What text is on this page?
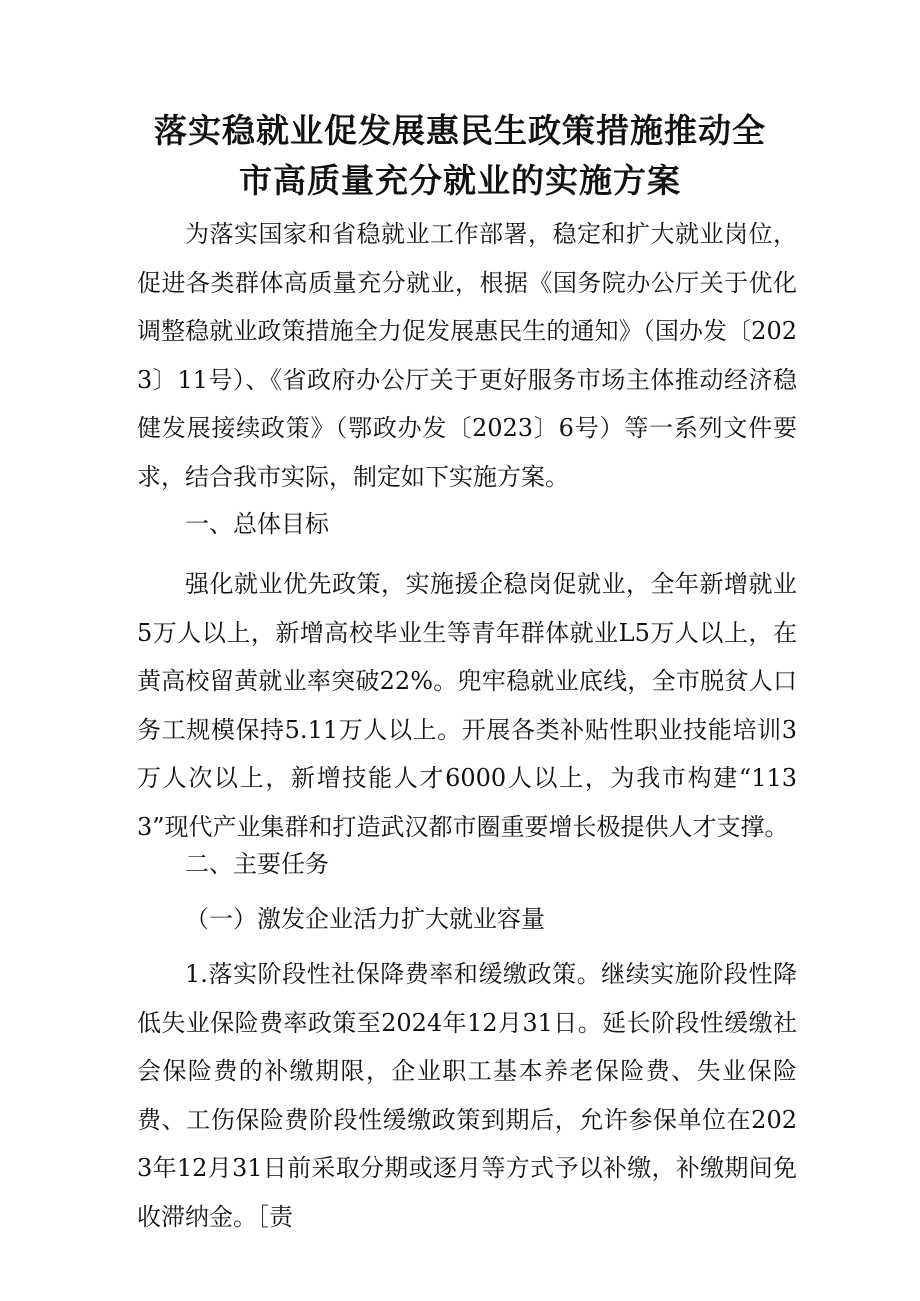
落实稳就业促发展惠民生政策措施推动全
市高质量充分就业的实施方案

为落实国家和省稳就业工作部署，稳定和扩大就业岗位，促进各类群体高质量充分就业，根据《国务院办公厅关于优化调整稳就业政策措施全力促发展惠民生的通知》（国办发〔2023〕11号）、《省政府办公厅关于更好服务市场主体推动经济稳健发展接续政策》（鄂政办发〔2023〕6号）等一系列文件要求，结合我市实际，制定如下实施方案。

一、总体目标

强化就业优先政策，实施援企稳岗促就业，全年新增就业5万人以上，新增高校毕业生等青年群体就业L5万人以上，在黄高校留黄就业率突破22%。兜牢稳就业底线，全市脱贫人口务工规模保持5.11万人以上。开展各类补贴性职业技能培训3万人次以上，新增技能人才6000人以上，为我市构建“1133”现代产业集群和打造武汉都市圈重要增长极提供人才支撑。

二、主要任务

（一）激发企业活力扩大就业容量

1.落实阶段性社保降费率和缓缴政策。继续实施阶段性降低失业保险费率政策至2024年12月31日。延长阶段性缓缴社会保险费的补缴期限，企业职工基本养老保险费、失业保险费、工伤保险费阶段性缓缴政策到期后，允许参保单位在2023年12月31日前采取分期或逐月等方式予以补缴，补缴期间免收滞纳金。［责
